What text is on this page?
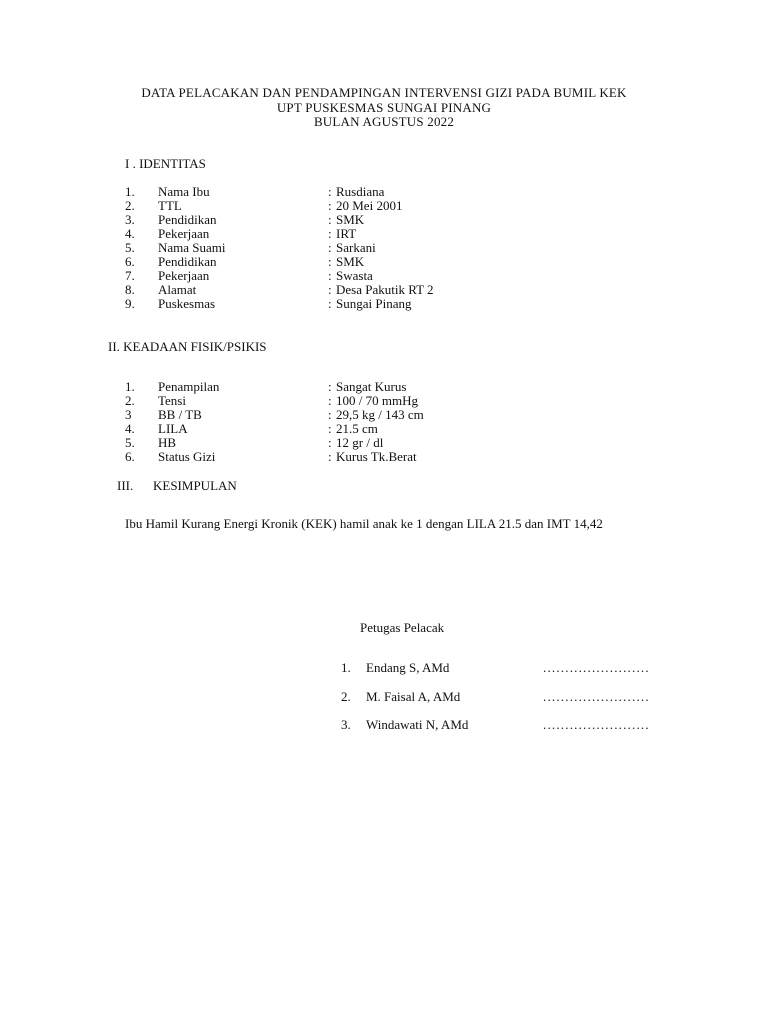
DATA PELACAKAN DAN PENDAMPINGAN INTERVENSI GIZI PADA BUMIL KEK
UPT PUSKESMAS SUNGAI PINANG
BULAN AGUSTUS 2022
I . IDENTITAS
1. Nama Ibu	: Rusdiana
2. TTL	: 20 Mei 2001
3. Pendidikan	: SMK
4. Pekerjaan	: IRT
5. Nama Suami	: Sarkani
6. Pendidikan	: SMK
7. Pekerjaan	: Swasta
8. Alamat	: Desa Pakutik RT 2
9. Puskesmas	: Sungai Pinang
II. KEADAAN FISIK/PSIKIS
1. Penampilan	: Sangat Kurus
2. Tensi	: 100 / 70 mmHg
3 BB / TB	: 29,5 kg / 143 cm
4. LILA	: 21.5 cm
5. HB	: 12 gr / dl
6. Status Gizi	: Kurus Tk.Berat
III. KESIMPULAN

Ibu Hamil Kurang Energi Kronik (KEK) hamil anak ke 1 dengan LILA 21.5 dan IMT 14,42

Petugas Pelacak
1. Endang S, AMd	........................
2. M. Faisal A, AMd	........................
3. Windawati N, AMd	........................
